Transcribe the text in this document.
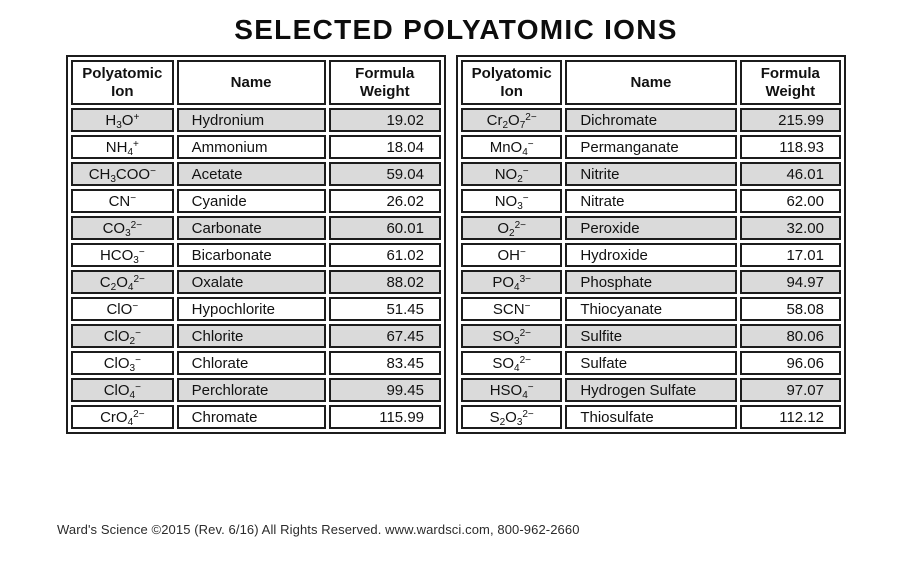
SELECTED POLYATOMIC IONS
Polyatomic Ion	Name	Formula Weight
$H_3O^+$	Hydronium	19.02
$NH_4^+$	Ammonium	18.04
$CH_3COO^-$	Acetate	59.04
CN−	Cyanide	26.02
$CO_3^{2-}$	Carbonate	60.01
$HCO_3^-$	Bicarbonate	61.02
$C_2O_4^{2-}$	Oxalate	88.02
ClO−	Hypochlorite	51.45
ClO$_2$−	Chlorite	67.45
ClO$_3$−	Chlorate	83.45
ClO$_4$−	Perchlorate	99.45
CrO$_4^{2-}$	Chromate	115.99
Polyatomic Ion	Name	Formula Weight
$Cr_2O_7^{2-}$	Dichromate	215.99
MnO$_4$−	Permanganate	118.93
$NO_2^-$	Nitrite	46.01
$NO_3^-$	Nitrate	62.00
$O_2^{2-}$	Peroxide	32.00
OH−	Hydroxide	17.01
$PO_4^{3-}$	Phosphate	94.97
SCN−	Thiocyanate	58.08
$SO_3^{2-}$	Sulfite	80.06
$SO_4^{2-}$	Sulfate	96.06
$HSO_4^-$	Hydrogen Sulfate	97.07
$S_2O_3^{2-}$	Thiosulfate	112.12
Ward's Science ©2015 (Rev. 6/16) All Rights Reserved. www.wardsci.com, 800-962-2660
